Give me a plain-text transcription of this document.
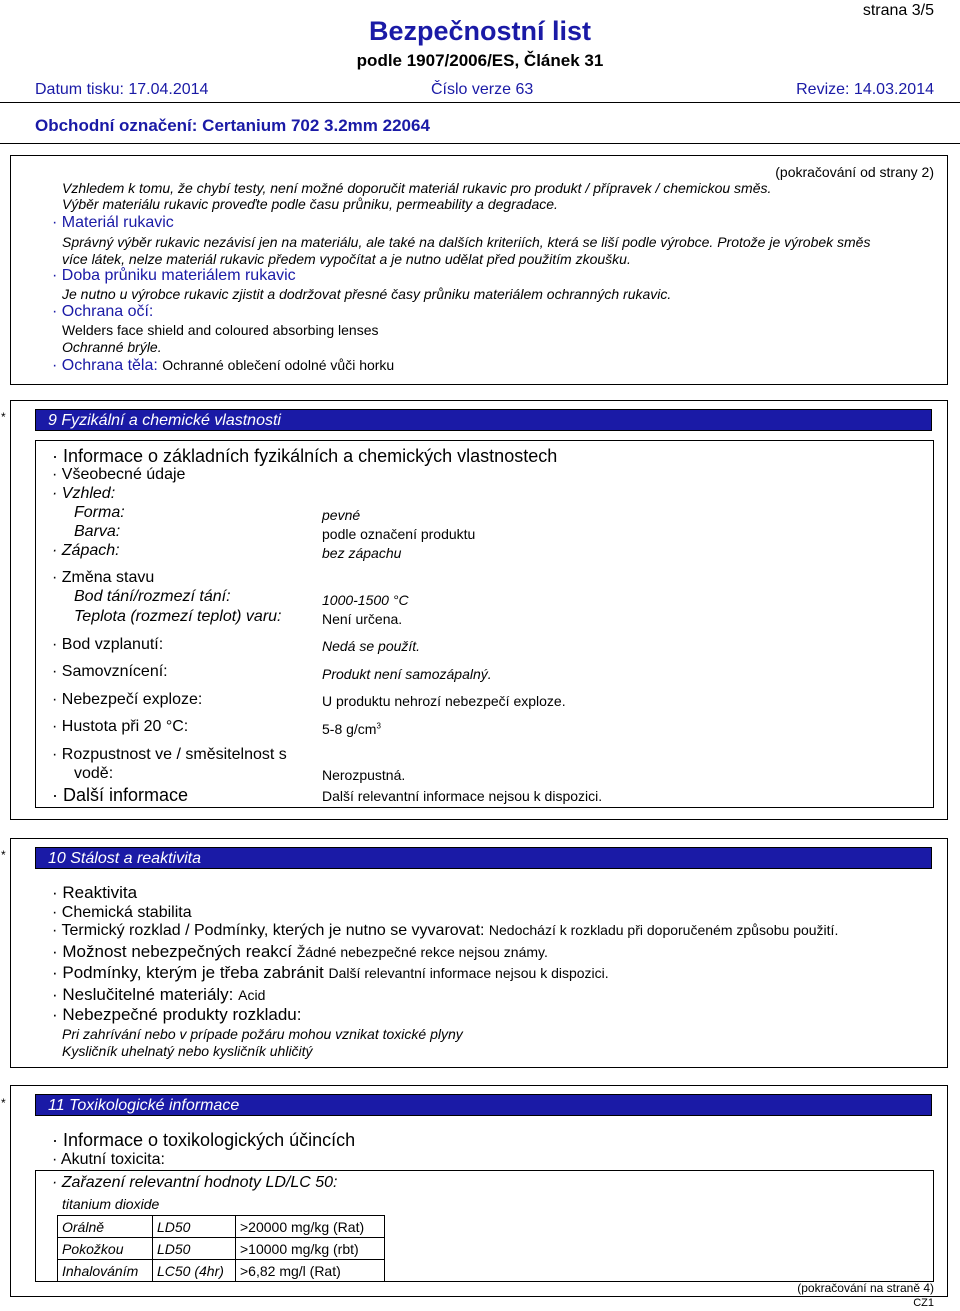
strana 3/5
Bezpečnostní list
podle 1907/2006/ES, Článek 31
Datum tisku: 17.04.2014	Číslo verze 63	Revize: 14.03.2014
Obchodní označení: Certanium 702 3.2mm 22064
(pokračování od strany 2)
Vzhledem k tomu, že chybí testy, není možné doporučit materiál rukavic pro produkt / přípravek / chemickou směs.
Výběr materiálu rukavic proveďte podle času průniku, permeability a degradace.
· Materiál rukavic
Správný výběr rukavic nezávisí jen na materiálu, ale také na dalších kriteriích, která se liší podle výrobce. Protože je výrobek směs
více látek, nelze materiál rukavic předem vypočítat a je nutno udělat před použitím zkoušku.
· Doba průniku materiálem rukavic
Je nutno u výrobce rukavic zjistit a dodržovat přesné časy průniku materiálem ochranných rukavic.
· Ochrana očí:
Welders face shield and coloured absorbing lenses
Ochranné brýle.
· Ochrana těla: Ochranné oblečení odolné vůči horku
*	9 Fyzikální a chemické vlastnosti
· Informace o základních fyzikálních a chemických vlastnostech
· Všeobecné údaje
· Vzhled:
Forma:	pevné
Barva:	podle označení produktu
· Zápach:	bez zápachu
· Změna stavu
Bod tání/rozmezí tání:	1000-1500 °C
Teplota (rozmezí teplot) varu:	Není určena.
· Bod vzplanutí:	Nedá se použít.
· Samovznícení:	Produkt není samozápalný.
· Nebezpečí exploze:	U produktu nehrozí nebezpečí exploze.
· Hustota při 20 °C:	5-8 $g/cm^3$
· Rozpustnost ve / směsitelnost s
vodě:	Nerozpustná.
· Další informace	Další relevantní informace nejsou k dispozici.
*	10 Stálost a reaktivita
· Reaktivita
· Chemická stabilita
· Termický rozklad / Podmínky, kterých je nutno se vyvarovat: Nedochází k rozkladu při doporučeném způsobu použití.
· Možnost nebezpečných reakcí Žádné nebezpečné rekce nejsou známy.
· Podmínky, kterým je třeba zabránit Další relevantní informace nejsou k dispozici.
· Neslučitelné materiály: Acid
· Nebezpečné produkty rozkladu:
Pri zahrívání nebo v prípade požáru mohou vznikat toxické plyny
Kysličník uhelnatý nebo kysličník uhličitý
*	11 Toxikologické informace
· Informace o toxikologických účincích
· Akutní toxicita:
· Zařazení relevantní hodnoty LD/LC 50:
titanium dioxide
Orálně	LD50	>20000 mg/kg (Rat)
Pokožkou	LD50	>10000 mg/kg (rbt)
Inhalováním	LC50 (4hr)	>6,82 mg/l (Rat)
(pokračování na straně 4)
CZ1
